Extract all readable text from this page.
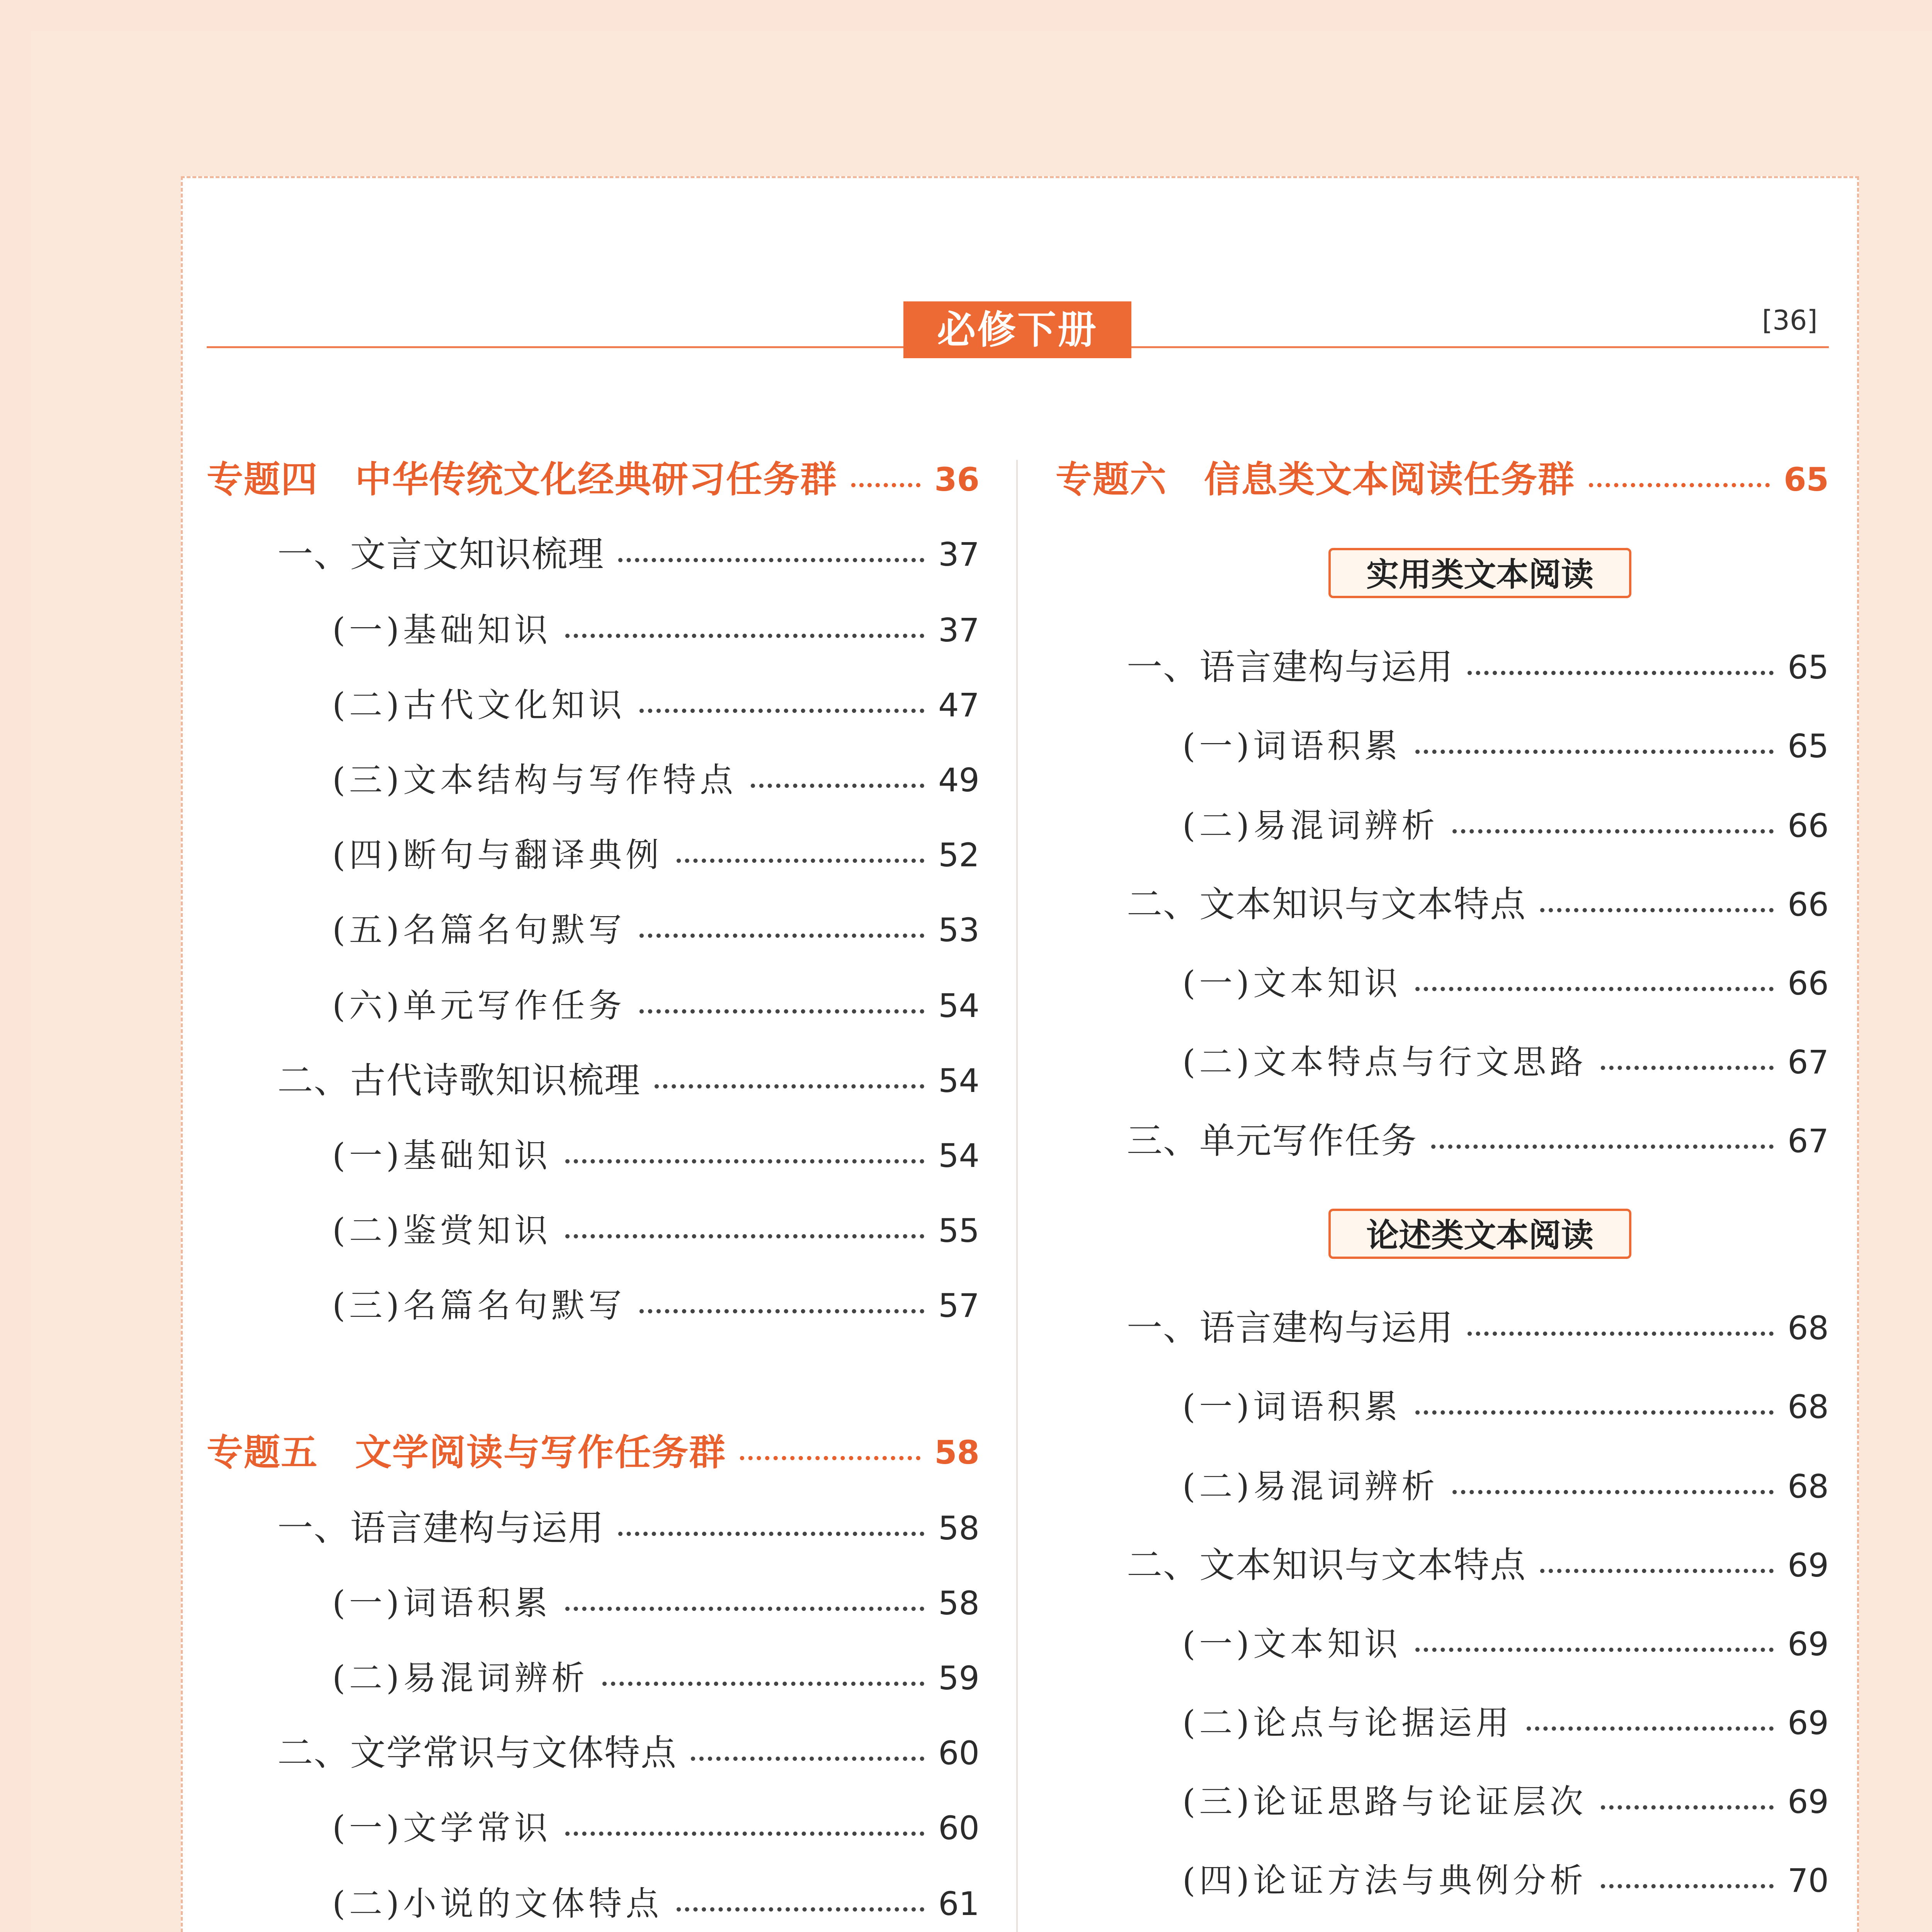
必修下册	[36]
专题四　中华传统文化经典研习任务群	36
一、文言文知识梳理	37
(一)基础知识	37
(二)古代文化知识	47
(三)文本结构与写作特点	49
(四)断句与翻译典例	52
(五)名篇名句默写	53
(六)单元写作任务	54
二、古代诗歌知识梳理	54
(一)基础知识	54
(二)鉴赏知识	55
(三)名篇名句默写	57
专题五　文学阅读与写作任务群	58
一、语言建构与运用	58
(一)词语积累	58
(二)易混词辨析	59
二、文学常识与文体特点	60
(一)文学常识	60
(二)小说的文体特点	61
专题六　信息类文本阅读任务群	65
实用类文本阅读
一、语言建构与运用	65
(一)词语积累	65
(二)易混词辨析	66
二、文本知识与文本特点	66
(一)文本知识	66
(二)文本特点与行文思路	67
三、单元写作任务	67
论述类文本阅读
一、语言建构与运用	68
(一)词语积累	68
(二)易混词辨析	68
二、文本知识与文本特点	69
(一)文本知识	69
(二)论点与论据运用	69
(三)论证思路与论证层次	69
(四)论证方法与典例分析	70
